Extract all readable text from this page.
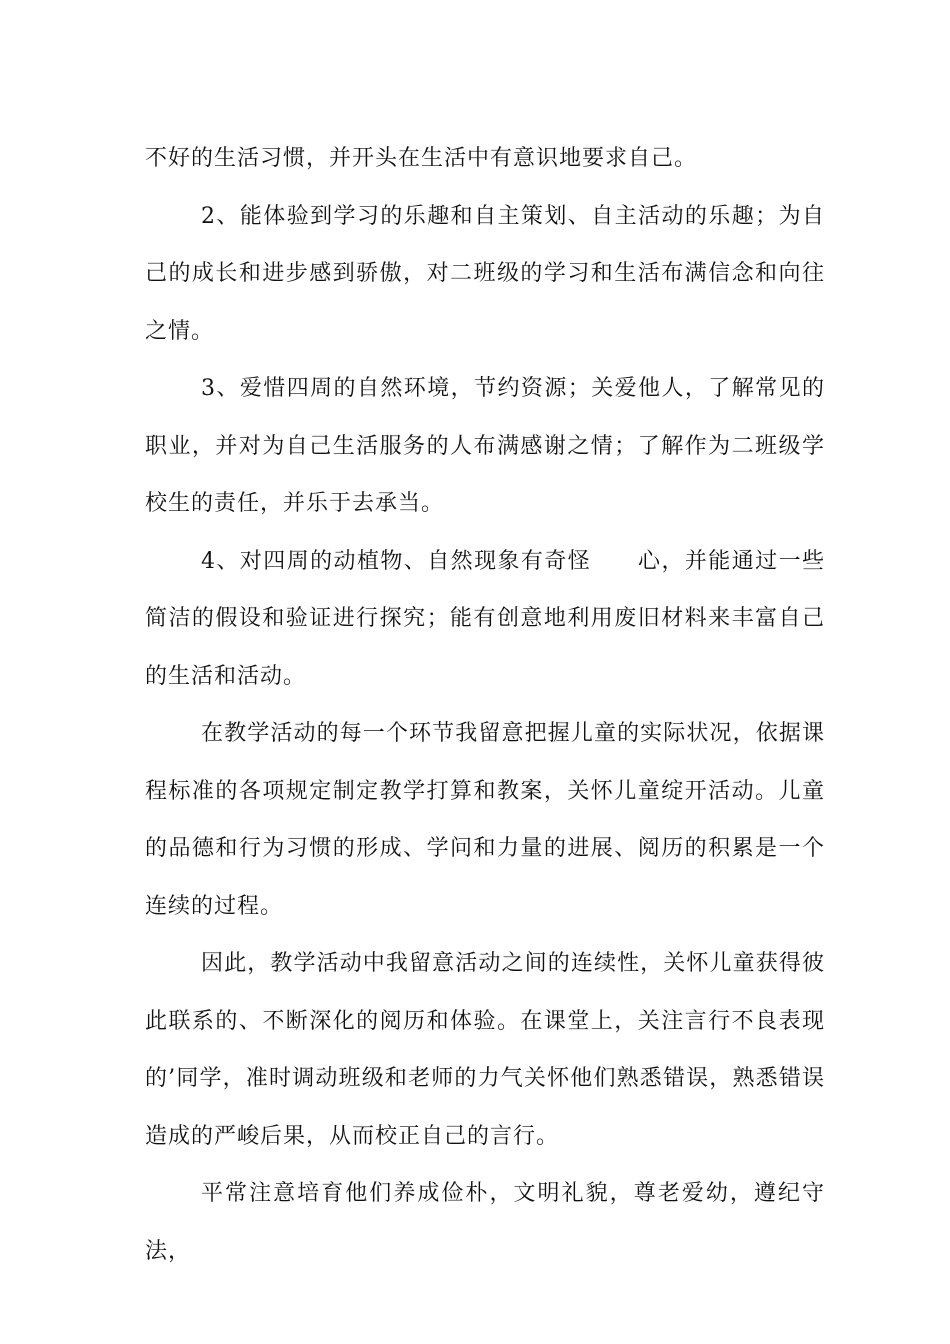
不好的生活习惯，并开头在生活中有意识地要求自己。

2、能体验到学习的乐趣和自主策划、自主活动的乐趣；为自己的成长和进步感到骄傲，对二班级的学习和生活布满信念和向往之情。

3、爱惜四周的自然环境，节约资源；关爱他人，了解常见的职业，并对为自己生活服务的人布满感谢之情；了解作为二班级学校生的责任，并乐于去承当。

4、对四周的动植物、自然现象有奇怪　　心，并能通过一些简洁的假设和验证进行探究；能有创意地利用废旧材料来丰富自己的生活和活动。

在教学活动的每一个环节我留意把握儿童的实际状况，依据课程标准的各项规定制定教学打算和教案，关怀儿童绽开活动。儿童的品德和行为习惯的形成、学问和力量的进展、阅历的积累是一个连续的过程。

因此，教学活动中我留意活动之间的连续性，关怀儿童获得彼此联系的、不断深化的阅历和体验。在课堂上，关注言行不良表现的’同学，准时调动班级和老师的力气关怀他们熟悉错误，熟悉错误造成的严峻后果，从而校正自己的言行。

平常注意培育他们养成俭朴，文明礼貌，尊老爱幼，遵纪守法，
